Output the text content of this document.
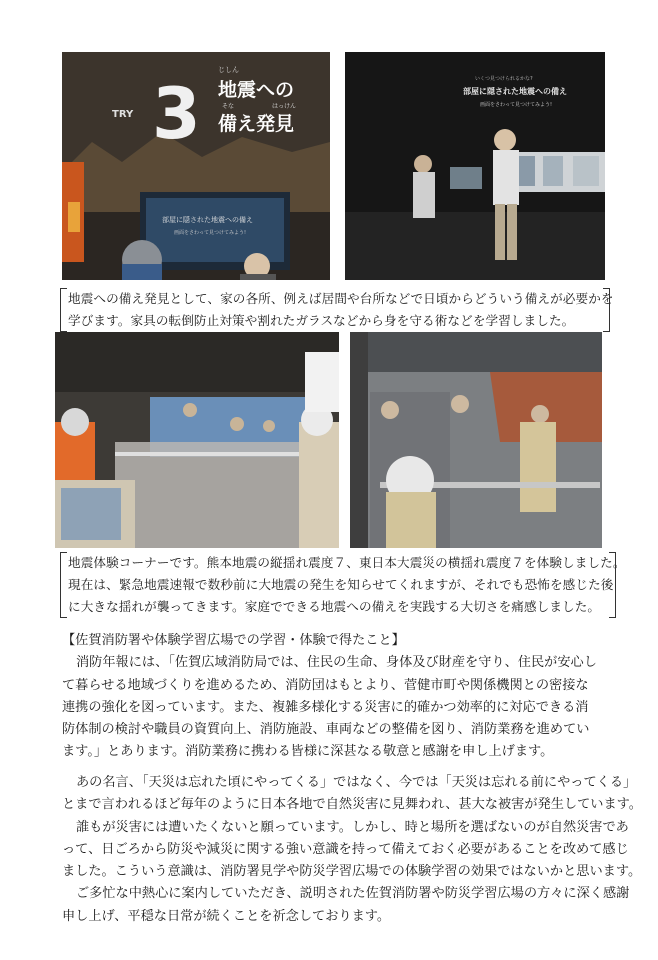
TRY 3
じしん
地震への
そな	はっけん
備え発見
部屋に隠された地震への備え
画面をさわって見つけてみよう!
いくつ見つけられるかな?
部屋に隠された地震への備え
画面をさわって見つけてみよう!
地震への備え発見として、家の各所、例えば居間や台所などで日頃からどういう備えが必要かを
学びます。家具の転倒防止対策や割れたガラスなどから身を守る術などを学習しました。
地震体験コーナーです。熊本地震の縦揺れ震度７、東日本大震災の横揺れ震度７を体験しました。
現在は、緊急地震速報で数秒前に大地震の発生を知らせてくれますが、それでも恐怖を感じた後
に大きな揺れが襲ってきます。家庭でできる地震への備えを実践する大切さを痛感しました。
【佐賀消防署や体験学習広場での学習・体験で得たこと】
消防年報には、「佐賀広域消防局では、住民の生命、身体及び財産を守り、住民が安心し
て暮らせる地域づくりを進めるため、消防団はもとより、菅健市町や関係機関との密接な
連携の強化を図っています。また、複雑多様化する災害に的確かつ効率的に対応できる消
防体制の検討や職員の資質向上、消防施設、車両などの整備を図り、消防業務を進めてい
ます。」とあります。消防業務に携わる皆様に深甚なる敬意と感謝を申し上げます。
あの名言、「天災は忘れた頃にやってくる」ではなく、今では「天災は忘れる前にやってくる」
とまで言われるほど毎年のように日本各地で自然災害に見舞われ、甚大な被害が発生しています。
誰もが災害には遭いたくないと願っています。しかし、時と場所を選ばないのが自然災害であ
って、日ごろから防災や減災に関する強い意識を持って備えておく必要があることを改めて感じ
ました。こういう意識は、消防署見学や防災学習広場での体験学習の効果ではないかと思います。
ご多忙な中熱心に案内していただき、説明された佐賀消防署や防災学習広場の方々に深く感謝
申し上げ、平穏な日常が続くことを祈念しております。
